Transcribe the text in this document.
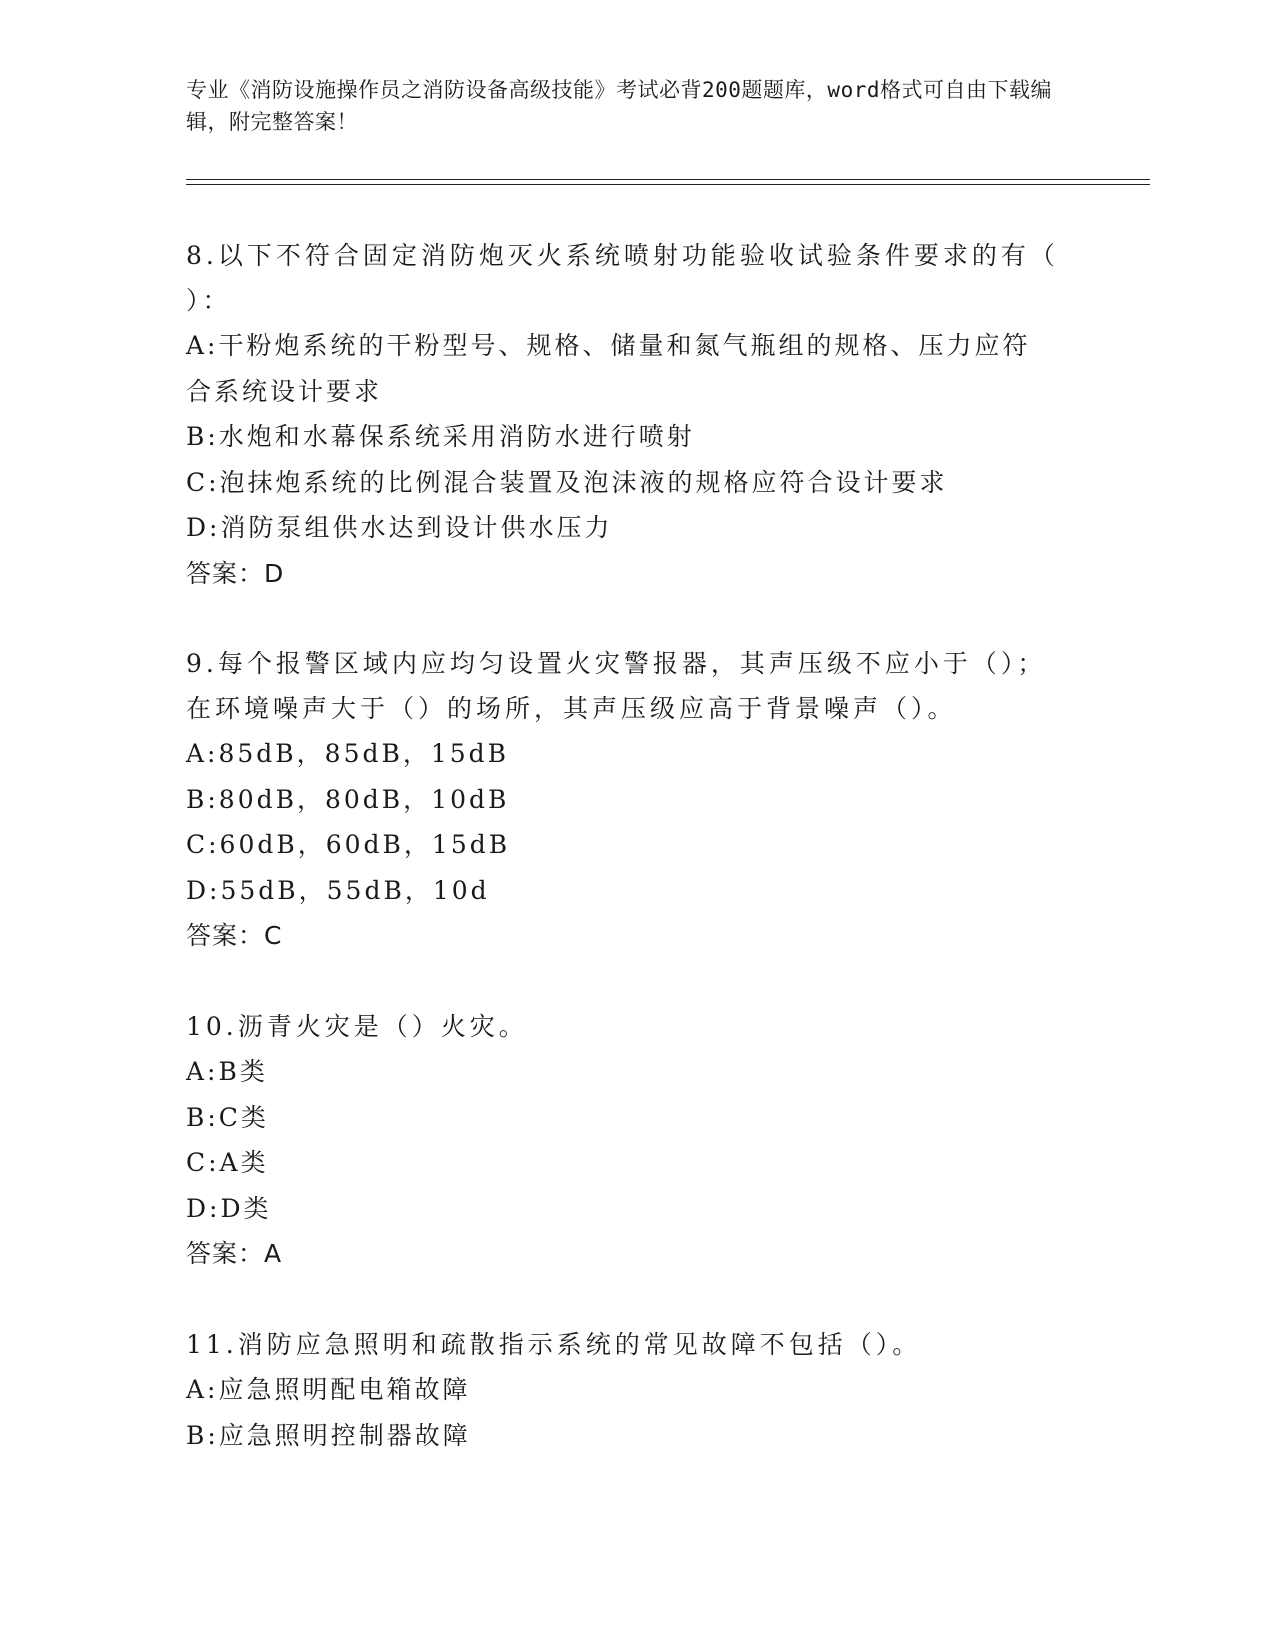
专业《消防设施操作员之消防设备高级技能》考试必背200题题库，word格式可自由下载编辑，附完整答案！
8.以下不符合固定消防炮灭火系统喷射功能验收试验条件要求的有（
）：
A:干粉炮系统的干粉型号、规格、储量和氮气瓶组的规格、压力应符
合系统设计要求
B:水炮和水幕保系统采用消防水进行喷射
C:泡抹炮系统的比例混合装置及泡沫液的规格应符合设计要求
D:消防泵组供水达到设计供水压力
答案：D
9.每个报警区域内应均匀设置火灾警报器，其声压级不应小于（）；
在环境噪声大于（）的场所，其声压级应高于背景噪声（）。
A:85dB，85dB，15dB
B:80dB，80dB，10dB
C:60dB，60dB，15dB
D:55dB，55dB，10d
答案：C
10.沥青火灾是（）火灾。
A:B类
B:C类
C:A类
D:D类
答案：A
11.消防应急照明和疏散指示系统的常见故障不包括（）。
A:应急照明配电箱故障
B:应急照明控制器故障
